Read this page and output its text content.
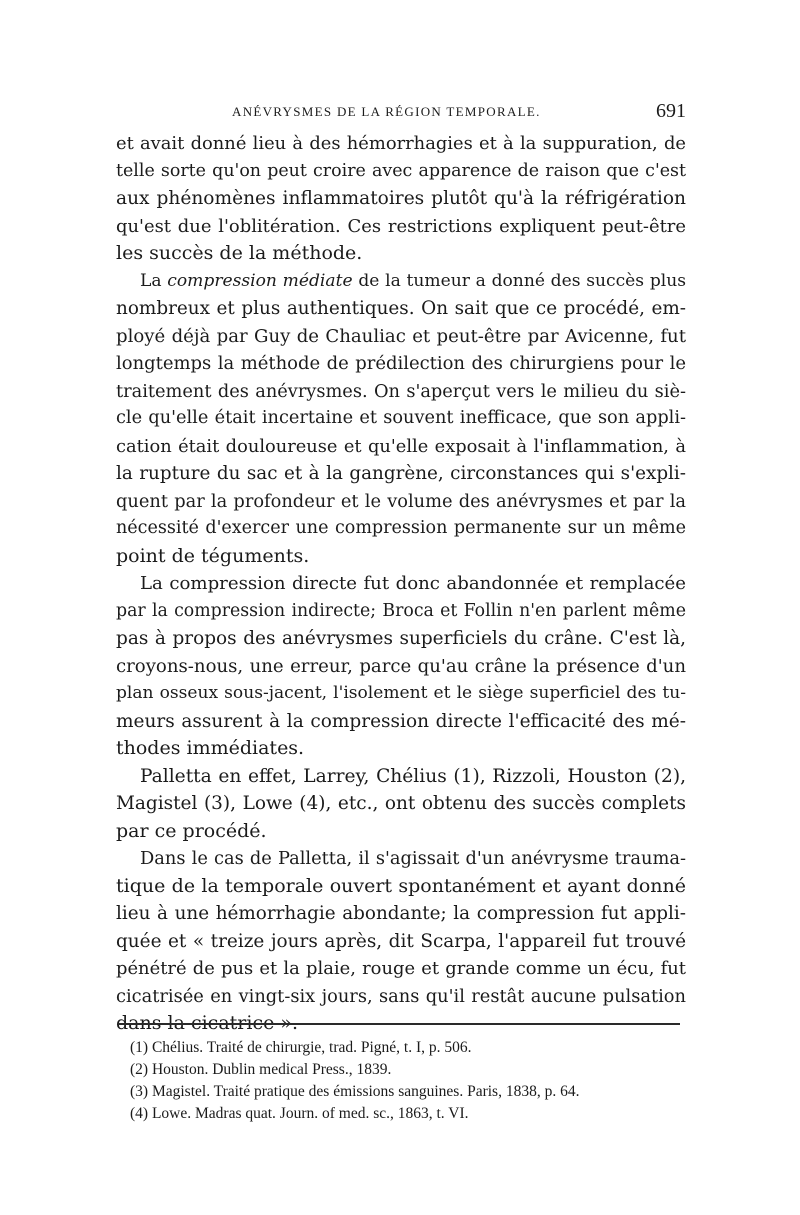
ANÉVRYSMES DE LA RÉGION TEMPORALE.	691
et avait donné lieu à des hémorrhagies et à la suppuration, de
telle sorte qu'on peut croire avec apparence de raison que c'est
aux phénomènes inflammatoires plutôt qu'à la réfrigération
qu'est due l'oblitération. Ces restrictions expliquent peut-être
les succès de la méthode.
La compression médiate de la tumeur a donné des succès plus
nombreux et plus authentiques. On sait que ce procédé, em-
ployé déjà par Guy de Chauliac et peut-être par Avicenne, fut
longtemps la méthode de prédilection des chirurgiens pour le
traitement des anévrysmes. On s'aperçut vers le milieu du siè-
cle qu'elle était incertaine et souvent inefficace, que son appli-
cation était douloureuse et qu'elle exposait à l'inflammation, à
la rupture du sac et à la gangrène, circonstances qui s'expli-
quent par la profondeur et le volume des anévrysmes et par la
nécessité d'exercer une compression permanente sur un même
point de téguments.
La compression directe fut donc abandonnée et remplacée
par la compression indirecte; Broca et Follin n'en parlent même
pas à propos des anévrysmes superficiels du crâne. C'est là,
croyons-nous, une erreur, parce qu'au crâne la présence d'un
plan osseux sous-jacent, l'isolement et le siège superficiel des tu-
meurs assurent à la compression directe l'efficacité des mé-
thodes immédiates.
Palletta en effet, Larrey, Chélius (1), Rizzoli, Houston (2),
Magistel (3), Lowe (4), etc., ont obtenu des succès complets
par ce procédé.
Dans le cas de Palletta, il s'agissait d'un anévrysme trauma-
tique de la temporale ouvert spontanément et ayant donné
lieu à une hémorrhagie abondante; la compression fut appli-
quée et « treize jours après, dit Scarpa, l'appareil fut trouvé
pénétré de pus et la plaie, rouge et grande comme un écu, fut
cicatrisée en vingt-six jours, sans qu'il restât aucune pulsation
dans la cicatrice ».
(1) Chélius. Traité de chirurgie, trad. Pigné, t. I, p. 506.
(2) Houston. Dublin medical Press., 1839.
(3) Magistel. Traité pratique des émissions sanguines. Paris, 1838, p. 64.
(4) Lowe. Madras quat. Journ. of med. sc., 1863, t. VI.
